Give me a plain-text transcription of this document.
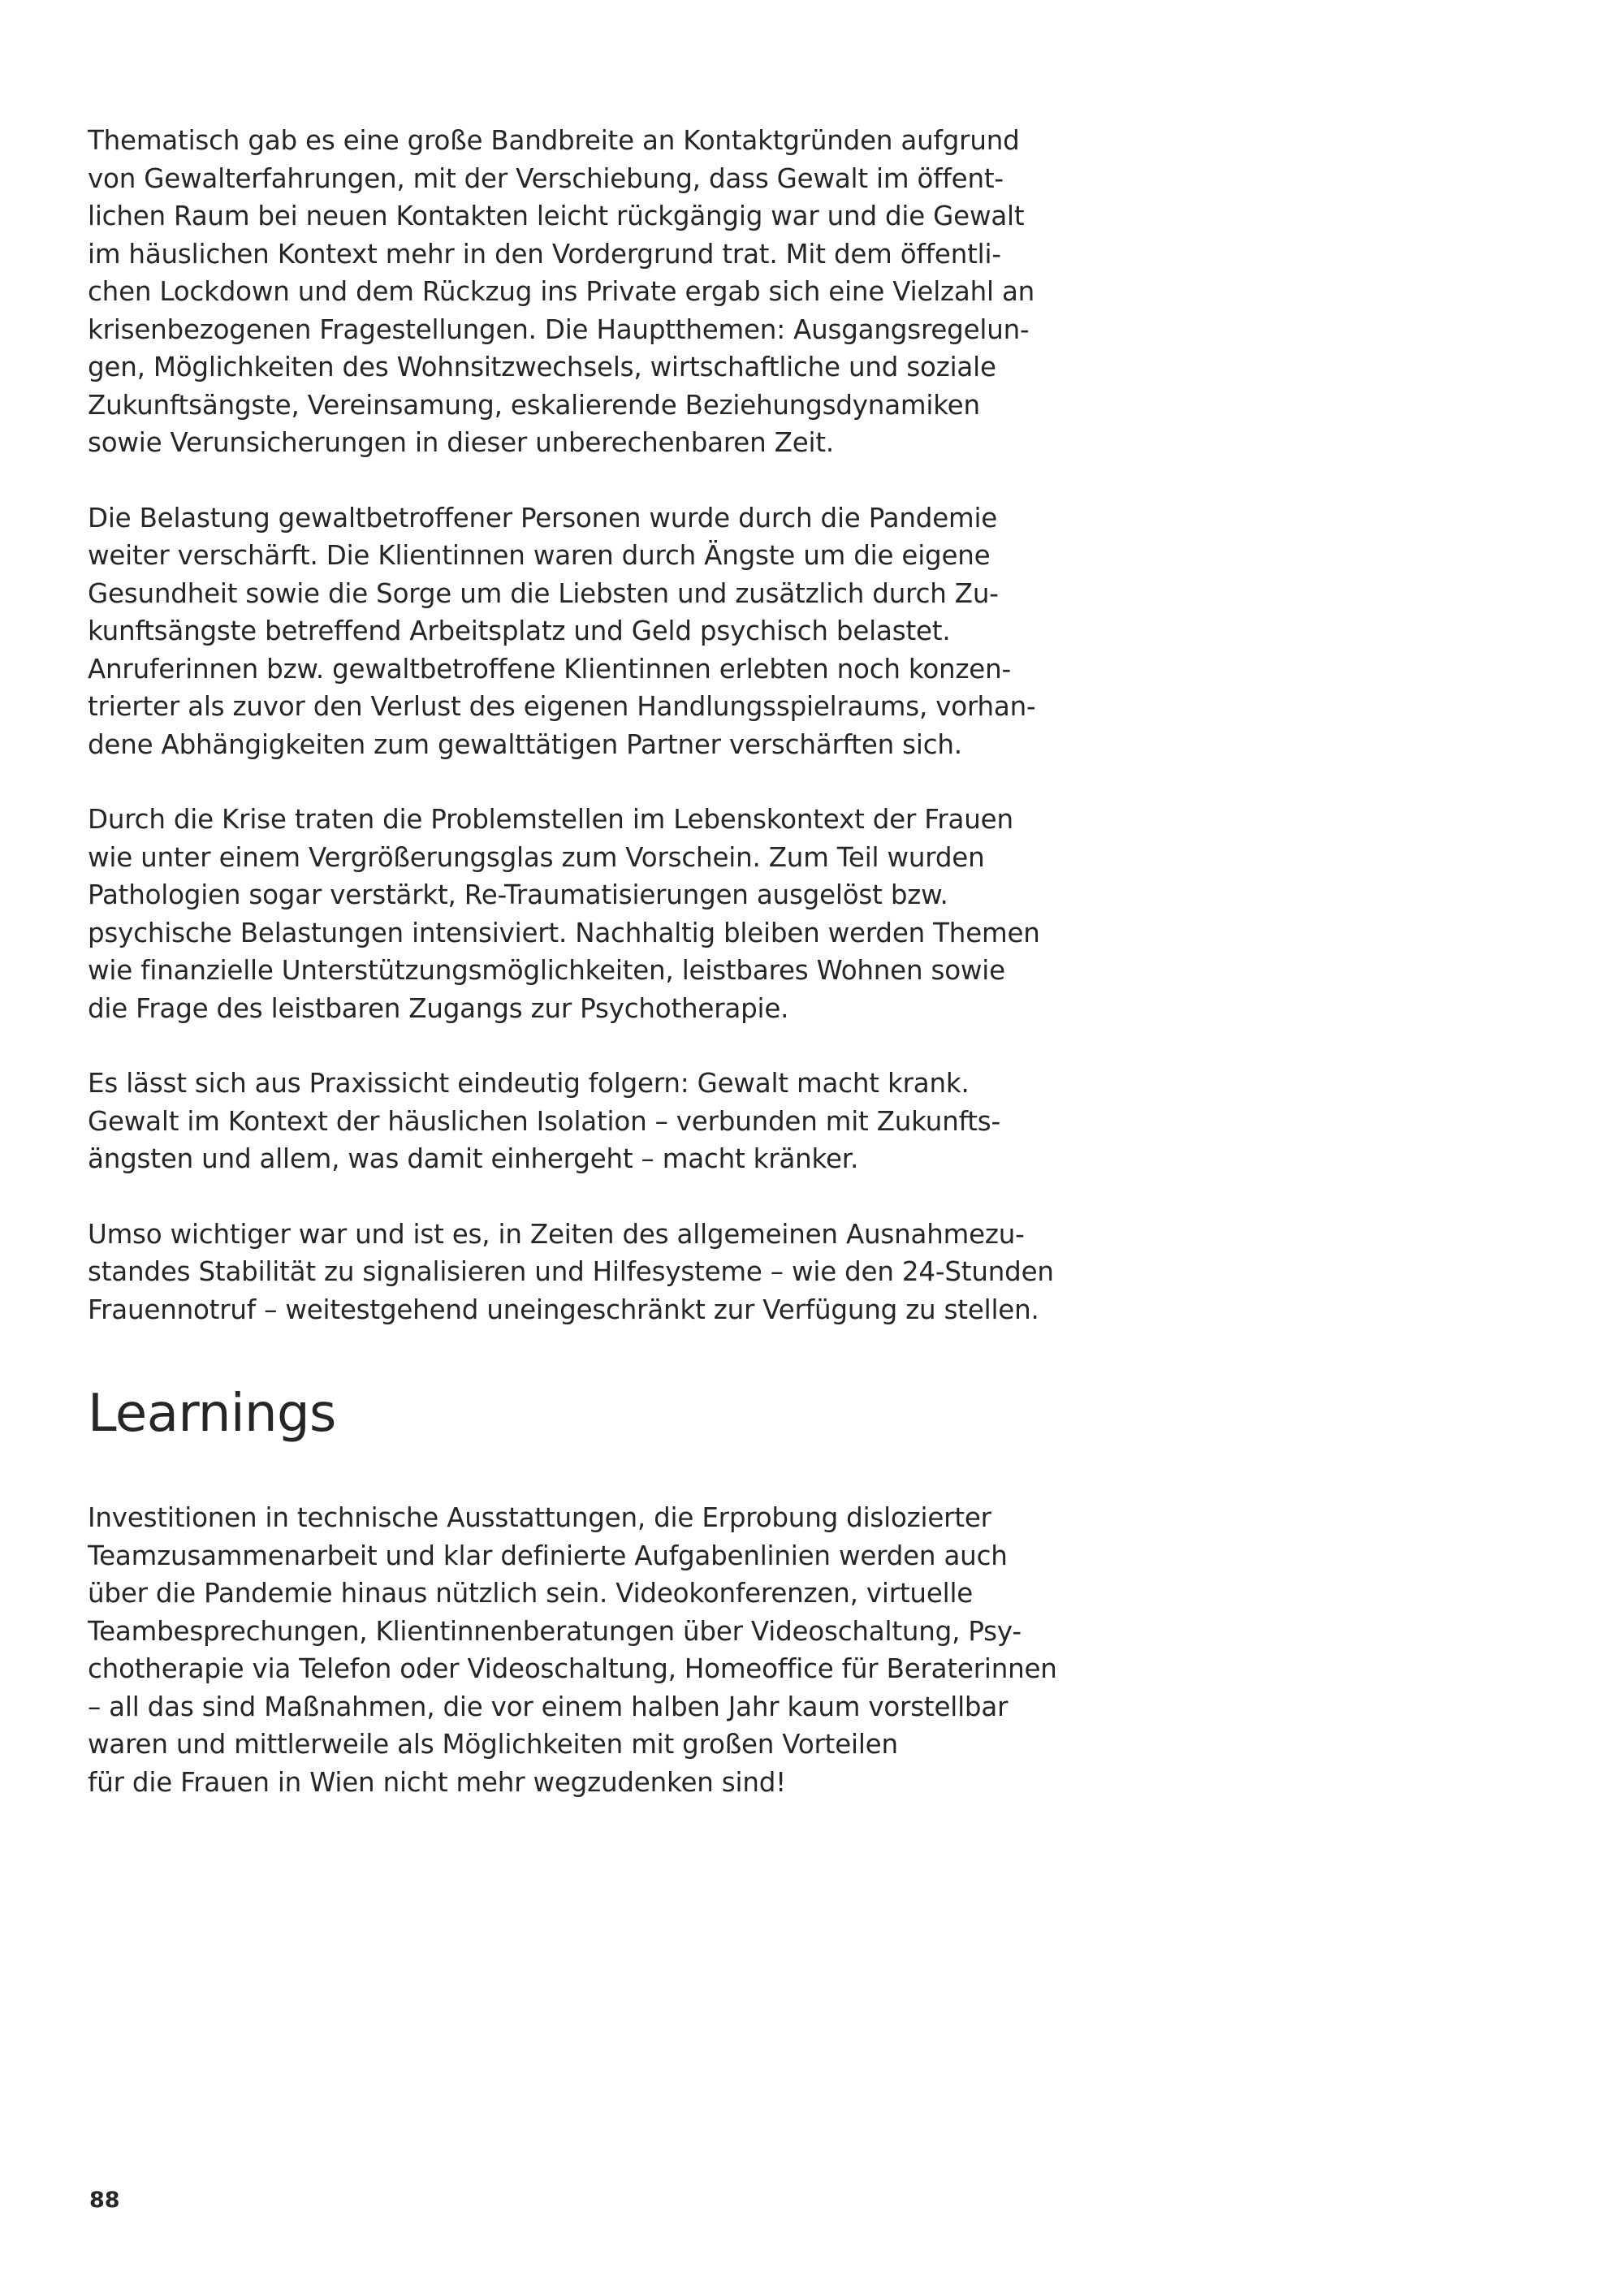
Thematisch gab es eine große Bandbreite an Kontaktgründen aufgrund
von Gewalterfahrungen, mit der Verschiebung, dass Gewalt im öffent-
lichen Raum bei neuen Kontakten leicht rückgängig war und die Gewalt
im häuslichen Kontext mehr in den Vordergrund trat. Mit dem öffentli-
chen Lockdown und dem Rückzug ins Private ergab sich eine Vielzahl an
krisenbezogenen Fragestellungen. Die Hauptthemen: Ausgangsregelun-
gen, Möglichkeiten des Wohnsitzwechsels, wirtschaftliche und soziale
Zukunftsängste, Vereinsamung, eskalierende Beziehungsdynamiken
sowie Verunsicherungen in dieser unberechenbaren Zeit.

Die Belastung gewaltbetroffener Personen wurde durch die Pandemie
weiter verschärft. Die Klientinnen waren durch Ängste um die eigene
Gesundheit sowie die Sorge um die Liebsten und zusätzlich durch Zu-
kunftsängste betreffend Arbeitsplatz und Geld psychisch belastet.
Anruferinnen bzw. gewaltbetroffene Klientinnen erlebten noch konzen-
trierter als zuvor den Verlust des eigenen Handlungsspielraums, vorhan-
dene Abhängigkeiten zum gewalttätigen Partner verschärften sich.

Durch die Krise traten die Problemstellen im Lebenskontext der Frauen
wie unter einem Vergrößerungsglas zum Vorschein. Zum Teil wurden
Pathologien sogar verstärkt, Re-Traumatisierungen ausgelöst bzw.
psychische Belastungen intensiviert. Nachhaltig bleiben werden Themen
wie finanzielle Unterstützungsmöglichkeiten, leistbares Wohnen sowie
die Frage des leistbaren Zugangs zur Psychotherapie.

Es lässt sich aus Praxissicht eindeutig folgern: Gewalt macht krank.
Gewalt im Kontext der häuslichen Isolation – verbunden mit Zukunfts-
ängsten und allem, was damit einhergeht – macht kränker.

Umso wichtiger war und ist es, in Zeiten des allgemeinen Ausnahmezu-
standes Stabilität zu signalisieren und Hilfesysteme – wie den 24-Stunden
Frauennotruf – weitestgehend uneingeschränkt zur Verfügung zu stellen.

Learnings

Investitionen in technische Ausstattungen, die Erprobung dislozierter
Teamzusammenarbeit und klar definierte Aufgabenlinien werden auch
über die Pandemie hinaus nützlich sein. Videokonferenzen, virtuelle
Teambesprechungen, Klientinnenberatungen über Videoschaltung, Psy-
chotherapie via Telefon oder Videoschaltung, Homeoffice für Beraterinnen
– all das sind Maßnahmen, die vor einem halben Jahr kaum vorstellbar
waren und mittlerweile als Möglichkeiten mit großen Vorteilen
für die Frauen in Wien nicht mehr wegzudenken sind!

88
